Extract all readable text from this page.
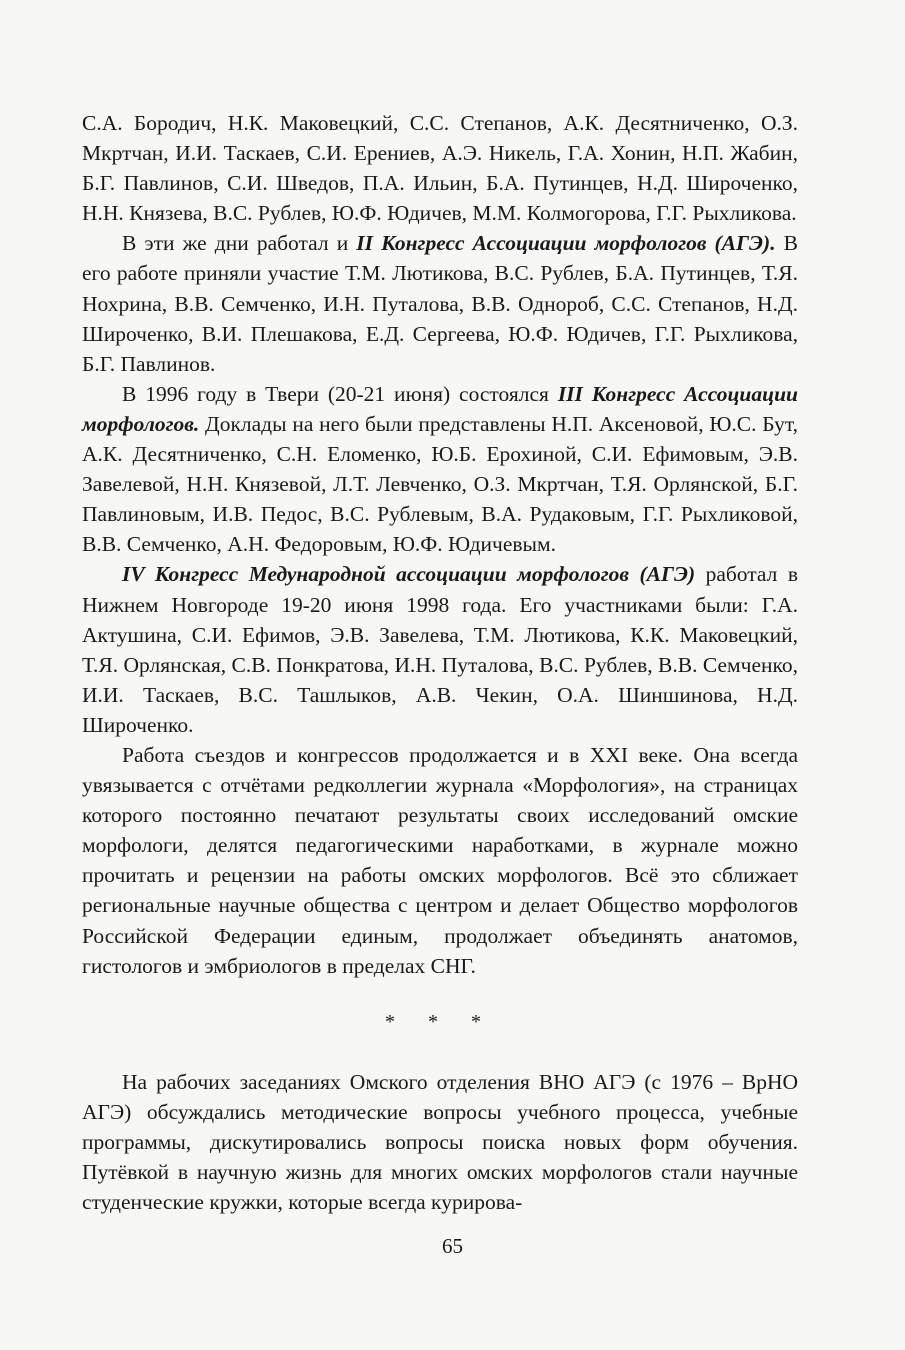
С.А. Бородич, Н.К. Маковецкий, С.С. Степанов, А.К. Десятниченко, О.З. Мкртчан, И.И. Таскаев, С.И. Ерениев, А.Э. Никель, Г.А. Хонин, Н.П. Жабин, Б.Г. Павлинов, С.И. Шведов, П.А. Ильин, Б.А. Путинцев, Н.Д. Широченко, Н.Н. Князева, В.С. Рублев, Ю.Ф. Юдичев, М.М. Колмогорова, Г.Г. Рыхликова.

В эти же дни работал и II Конгресс Ассоциации морфологов (АГЭ). В его работе приняли участие Т.М. Лютикова, В.С. Рублев, Б.А. Путинцев, Т.Я. Нохрина, В.В. Семченко, И.Н. Путалова, В.В. Однороб, С.С. Степанов, Н.Д. Широченко, В.И. Плешакова, Е.Д. Сергеева, Ю.Ф. Юдичев, Г.Г. Рыхликова, Б.Г. Павлинов.

В 1996 году в Твери (20-21 июня) состоялся III Конгресс Ассоциации морфологов. Доклады на него были представлены Н.П. Аксеновой, Ю.С. Бут, А.К. Десятниченко, С.Н. Еломенко, Ю.Б. Ерохиной, С.И. Ефимовым, Э.В. Завелевой, Н.Н. Князевой, Л.Т. Левченко, О.З. Мкртчан, Т.Я. Орлянской, Б.Г. Павлиновым, И.В. Педос, В.С. Рублевым, В.А. Рудаковым, Г.Г. Рыхликовой, В.В. Семченко, А.Н. Федоровым, Ю.Ф. Юдичевым.

IV Конгресс Медународной ассоциации морфологов (АГЭ) работал в Нижнем Новгороде 19-20 июня 1998 года. Его участниками были: Г.А. Актушина, С.И. Ефимов, Э.В. Завелева, Т.М. Лютикова, К.К. Маковецкий, Т.Я. Орлянская, С.В. Понкратова, И.Н. Путалова, В.С. Рублев, В.В. Семченко, И.И. Таскаев, В.С. Ташлыков, А.В. Чекин, О.А. Шиншинова, Н.Д. Широченко.

Работа съездов и конгрессов продолжается и в XXI веке. Она всегда увязывается с отчётами редколлегии журнала «Морфология», на страницах которого постоянно печатают результаты своих исследований омские морфологи, делятся педагогическими наработками, в журнале можно прочитать и рецензии на работы омских морфологов. Всё это сближает региональные научные общества с центром и делает Общество морфологов Российской Федерации единым, продолжает объединять анатомов, гистологов и эмбриологов в пределах СНГ.

* * *

На рабочих заседаниях Омского отделения ВНО АГЭ (с 1976 – ВрНО АГЭ) обсуждались методические вопросы учебного процесса, учебные программы, дискутировались вопросы поиска новых форм обучения. Путёвкой в научную жизнь для многих омских морфологов стали научные студенческие кружки, которые всегда курирова-

65
